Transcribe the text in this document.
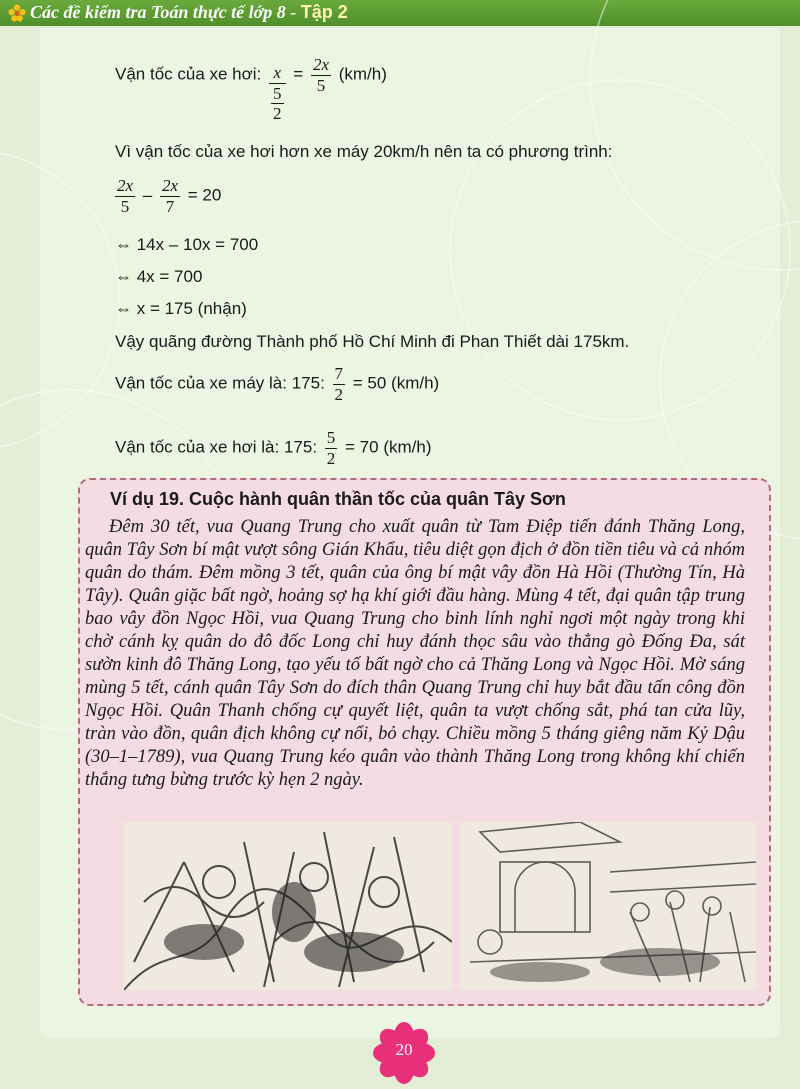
Các đề kiểm tra Toán thực tế lớp 8 - Tập 2
Vận tốc của xe hơi: $\frac{x}{\frac{5}{2}} = \frac{2x}{5} (km/h)$
Vì vận tốc của xe hơi hơn xe máy 20km/h nên ta có phương trình:
$\frac{2x}{5} - \frac{2x}{7} = 20$
⇔ 14x – 10x = 700
⇔ 4x = 700
⇔ x = 175 (nhận)
Vậy quãng đường Thành phố Hồ Chí Minh đi Phan Thiết dài 175km.
Vận tốc của xe máy là: 175: $\frac{7}{2} = 50$ (km/h)
Vận tốc của xe hơi là: 175: $\frac{5}{2} = 70$ (km/h)
Ví dụ 19. Cuộc hành quân thần tốc của quân Tây Sơn
Đêm 30 tết, vua Quang Trung cho xuất quân từ Tam Điệp tiến đánh Thăng Long, quân Tây Sơn bí mật vượt sông Gián Khẩu, tiêu diệt gọn địch ở đồn tiền tiêu và cả nhóm quân do thám. Đêm mồng 3 tết, quân của ông bí mật vây đồn Hà Hồi (Thường Tín, Hà Tây). Quân giặc bất ngờ, hoảng sợ hạ khí giới đầu hàng. Mùng 4 tết, đại quân tập trung bao vây đồn Ngọc Hồi, vua Quang Trung cho binh lính nghỉ ngơi một ngày trong khi chờ cánh kỵ quân do đô đốc Long chỉ huy đánh thọc sâu vào thẳng gò Đống Đa, sát sườn kinh đô Thăng Long, tạo yếu tố bất ngờ cho cả Thăng Long và Ngọc Hồi. Mờ sáng mùng 5 tết, cánh quân Tây Sơn do đích thân Quang Trung chỉ huy bắt đầu tấn công đồn Ngọc Hồi. Quân Thanh chống cự quyết liệt, quân ta vượt chống sắt, phá tan cửa lũy, tràn vào đồn, quân địch không cự nổi, bỏ chạy. Chiều mồng 5 tháng giêng năm Kỷ Dậu (30–1–1789), vua Quang Trung kéo quân vào thành Thăng Long trong không khí chiến thắng tưng bừng trước kỳ hẹn 2 ngày.
20
